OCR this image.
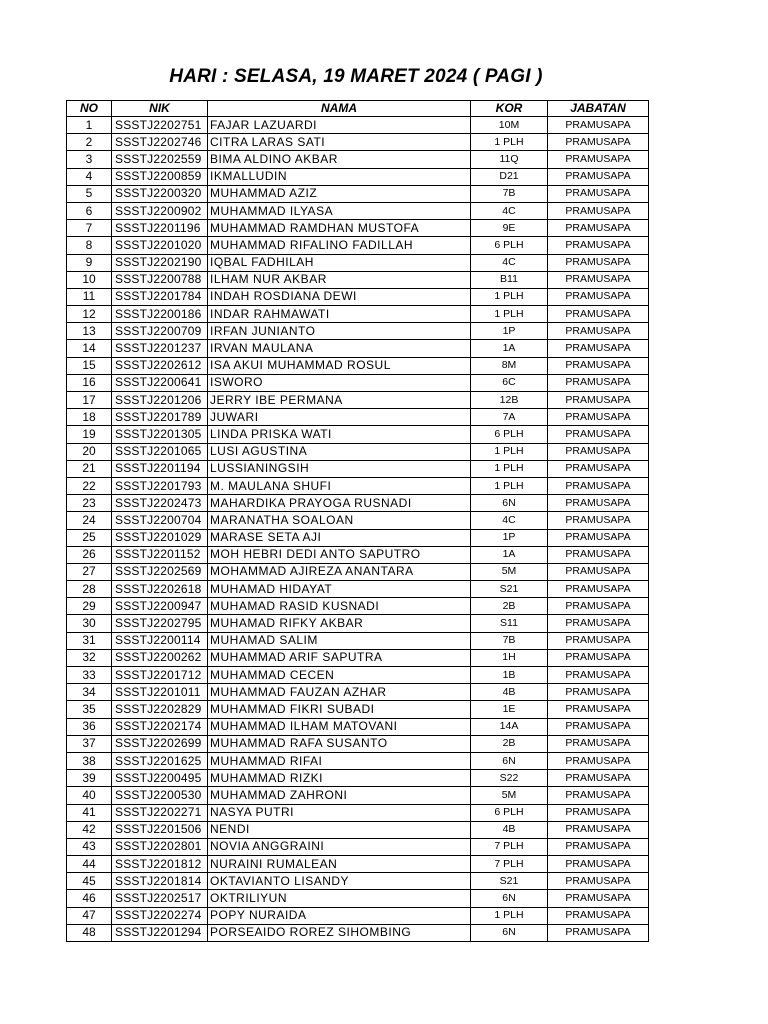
HARI : SELASA, 19 MARET 2024 ( PAGI )
NO	NIK	NAMA	KOR	JABATAN
1	SSSTJ2202751	FAJAR LAZUARDI	10M	PRAMUSAPA
2	SSSTJ2202746	CITRA LARAS SATI	1 PLH	PRAMUSAPA
3	SSSTJ2202559	BIMA ALDINO AKBAR	11Q	PRAMUSAPA
4	SSSTJ2200859	IKMALLUDIN	D21	PRAMUSAPA
5	SSSTJ2200320	MUHAMMAD AZIZ	7B	PRAMUSAPA
6	SSSTJ2200902	MUHAMMAD ILYASA	4C	PRAMUSAPA
7	SSSTJ2201196	MUHAMMAD RAMDHAN MUSTOFA	9E	PRAMUSAPA
8	SSSTJ2201020	MUHAMMAD RIFALINO FADILLAH	6 PLH	PRAMUSAPA
9	SSSTJ2202190	IQBAL FADHILAH	4C	PRAMUSAPA
10	SSSTJ2200788	ILHAM NUR AKBAR	B11	PRAMUSAPA
11	SSSTJ2201784	INDAH ROSDIANA DEWI	1 PLH	PRAMUSAPA
12	SSSTJ2200186	INDAR RAHMAWATI	1 PLH	PRAMUSAPA
13	SSSTJ2200709	IRFAN JUNIANTO	1P	PRAMUSAPA
14	SSSTJ2201237	IRVAN MAULANA	1A	PRAMUSAPA
15	SSSTJ2202612	ISA AKUI MUHAMMAD ROSUL	8M	PRAMUSAPA
16	SSSTJ2200641	ISWORO	6C	PRAMUSAPA
17	SSSTJ2201206	JERRY IBE PERMANA	12B	PRAMUSAPA
18	SSSTJ2201789	JUWARI	7A	PRAMUSAPA
19	SSSTJ2201305	LINDA PRISKA WATI	6 PLH	PRAMUSAPA
20	SSSTJ2201065	LUSI AGUSTINA	1 PLH	PRAMUSAPA
21	SSSTJ2201194	LUSSIANINGSIH	1 PLH	PRAMUSAPA
22	SSSTJ2201793	M. MAULANA SHUFI	1 PLH	PRAMUSAPA
23	SSSTJ2202473	MAHARDIKA PRAYOGA RUSNADI	6N	PRAMUSAPA
24	SSSTJ2200704	MARANATHA SOALOAN	4C	PRAMUSAPA
25	SSSTJ2201029	MARASE SETA AJI	1P	PRAMUSAPA
26	SSSTJ2201152	MOH HEBRI DEDI ANTO SAPUTRO	1A	PRAMUSAPA
27	SSSTJ2202569	MOHAMMAD AJIREZA ANANTARA	5M	PRAMUSAPA
28	SSSTJ2202618	MUHAMAD HIDAYAT	S21	PRAMUSAPA
29	SSSTJ2200947	MUHAMAD RASID KUSNADI	2B	PRAMUSAPA
30	SSSTJ2202795	MUHAMAD RIFKY AKBAR	S11	PRAMUSAPA
31	SSSTJ2200114	MUHAMAD SALIM	7B	PRAMUSAPA
32	SSSTJ2200262	MUHAMMAD ARIF SAPUTRA	1H	PRAMUSAPA
33	SSSTJ2201712	MUHAMMAD CECEN	1B	PRAMUSAPA
34	SSSTJ2201011	MUHAMMAD FAUZAN AZHAR	4B	PRAMUSAPA
35	SSSTJ2202829	MUHAMMAD FIKRI SUBADI	1E	PRAMUSAPA
36	SSSTJ2202174	MUHAMMAD ILHAM MATOVANI	14A	PRAMUSAPA
37	SSSTJ2202699	MUHAMMAD RAFA SUSANTO	2B	PRAMUSAPA
38	SSSTJ2201625	MUHAMMAD RIFAI	6N	PRAMUSAPA
39	SSSTJ2200495	MUHAMMAD RIZKI	S22	PRAMUSAPA
40	SSSTJ2200530	MUHAMMAD ZAHRONI	5M	PRAMUSAPA
41	SSSTJ2202271	NASYA PUTRI	6 PLH	PRAMUSAPA
42	SSSTJ2201506	NENDI	4B	PRAMUSAPA
43	SSSTJ2202801	NOVIA ANGGRAINI	7 PLH	PRAMUSAPA
44	SSSTJ2201812	NURAINI RUMALEAN	7 PLH	PRAMUSAPA
45	SSSTJ2201814	OKTAVIANTO LISANDY	S21	PRAMUSAPA
46	SSSTJ2202517	OKTRILIYUN	6N	PRAMUSAPA
47	SSSTJ2202274	POPY NURAIDA	1 PLH	PRAMUSAPA
48	SSSTJ2201294	PORSEAIDO ROREZ SIHOMBING	6N	PRAMUSAPA
